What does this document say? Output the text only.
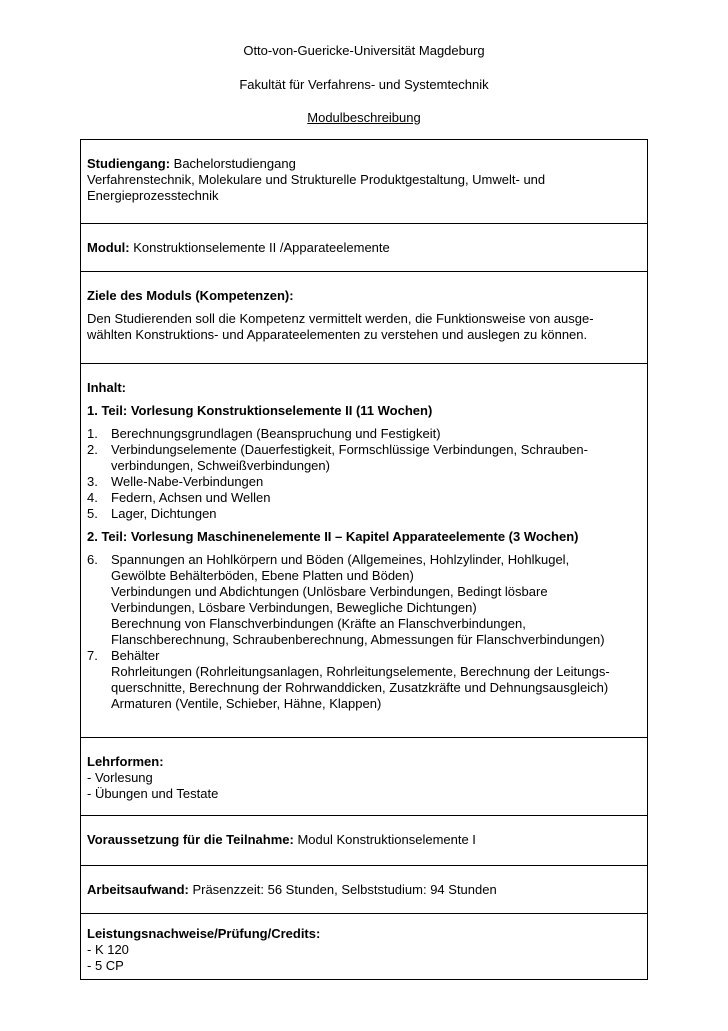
Otto-von-Guericke-Universität Magdeburg
Fakultät für Verfahrens- und Systemtechnik
Modulbeschreibung
Studiengang: Bachelorstudiengang
Verfahrenstechnik, Molekulare und Strukturelle Produktgestaltung, Umwelt- und
Energieprozesstechnik
Modul: Konstruktionselemente II /Apparateelemente
Ziele des Moduls (Kompetenzen):
Den Studierenden soll die Kompetenz vermittelt werden, die Funktionsweise von ausge-
wählten Konstruktions- und Apparateelementen zu verstehen und auslegen zu können.
Inhalt:
1. Teil: Vorlesung Konstruktionselemente II (11 Wochen)
1. Berechnungsgrundlagen (Beanspruchung und Festigkeit)
2. Verbindungselemente (Dauerfestigkeit, Formschlüssige Verbindungen, Schrauben-
verbindungen, Schweißverbindungen)
3. Welle-Nabe-Verbindungen
4. Federn, Achsen und Wellen
5. Lager, Dichtungen
2. Teil: Vorlesung Maschinenelemente II – Kapitel Apparateelemente (3 Wochen)
6. Spannungen an Hohlkörpern und Böden (Allgemeines, Hohlzylinder, Hohlkugel,
Gewölbte Behälterböden, Ebene Platten und Böden)
Verbindungen und Abdichtungen (Unlösbare Verbindungen, Bedingt lösbare
Verbindungen, Lösbare Verbindungen, Bewegliche Dichtungen)
Berechnung von Flanschverbindungen (Kräfte an Flanschverbindungen,
Flanschberechnung, Schraubenberechnung, Abmessungen für Flanschverbindungen)
7. Behälter
Rohrleitungen (Rohrleitungsanlagen, Rohrleitungselemente, Berechnung der Leitungs-
querschnitte, Berechnung der Rohrwanddicken, Zusatzkräfte und Dehnungsausgleich)
Armaturen (Ventile, Schieber, Hähne, Klappen)
Lehrformen:
- Vorlesung
- Übungen und Testate
Voraussetzung für die Teilnahme: Modul Konstruktionselemente I
Arbeitsaufwand: Präsenzzeit: 56 Stunden, Selbststudium: 94 Stunden
Leistungsnachweise/Prüfung/Credits:
- K 120
- 5 CP
